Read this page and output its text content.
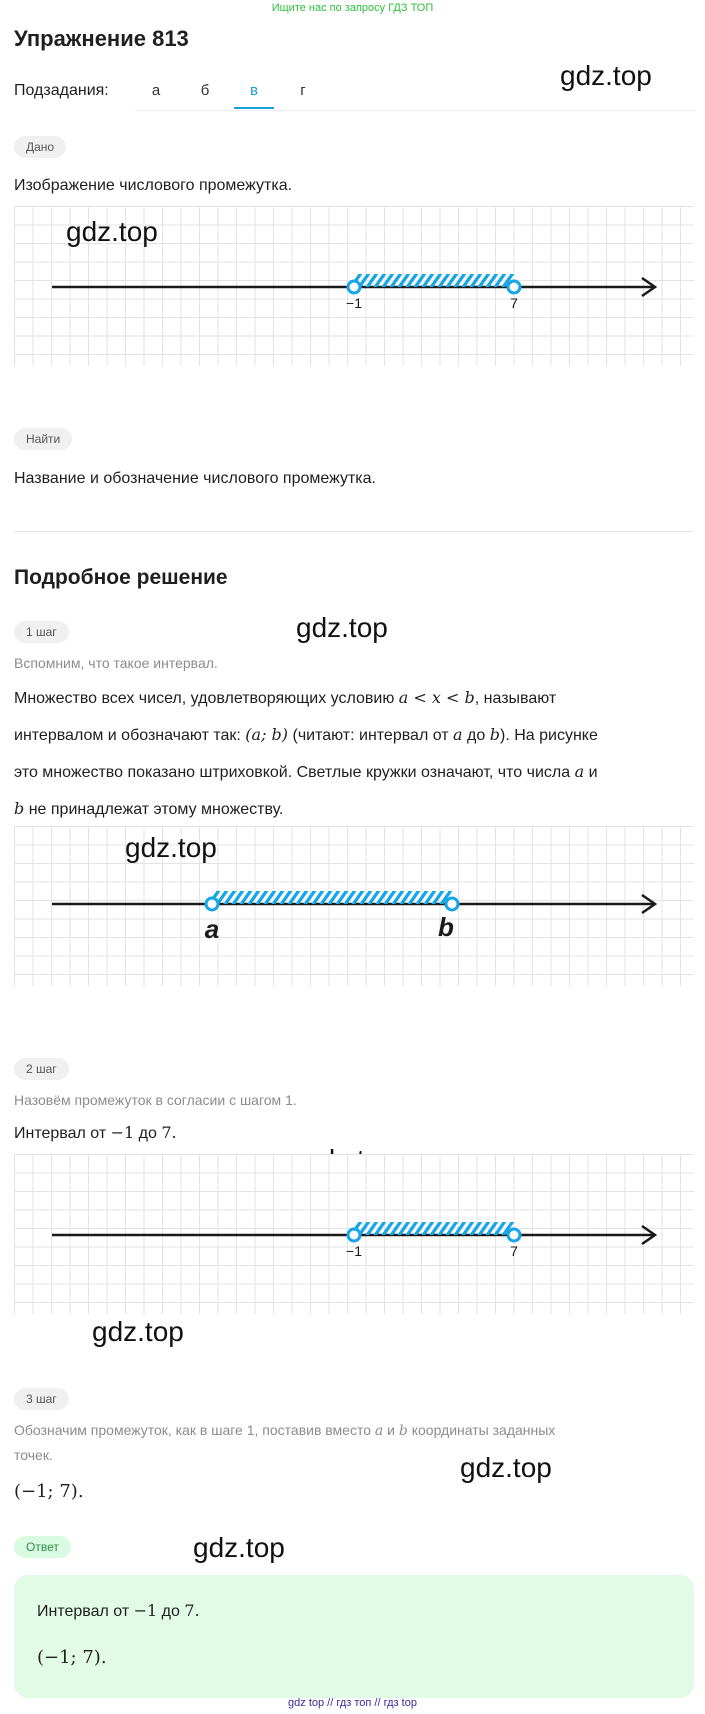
Ищите нас по запросу ГДЗ ТОП
Упражнение 813
Подзадания:	а	б	в	г	gdz.top
Дано
Изображение числового промежутка.
−1	7
gdz.top
Найти
Название и обозначение числового промежутка.
Подробное решение
1 шаг	gdz.top
Вспомним, что такое интервал.
Множество всех чисел, удовлетворяющих условию a < x < b, называют
интервалом и обозначают так: (a; b) (читают: интервал от a до b). На рисунке
это множество показано штриховкой. Светлые кружки означают, что числа a и
b не принадлежат этому множеству.
a	b
gdz.top
2 шаг
Назовём промежуток в согласии с шагом 1.
Интервал от −1 до 7.
−1	7
gdz.top
3 шаг
Обозначим промежуток, как в шаге 1, поставив вместо a и b координаты заданных
точек.	gdz.top
(−1; 7).
Ответ	gdz.top
Интервал от −1 до 7.
(−1; 7).
gdz top // гдз топ // гдз top
